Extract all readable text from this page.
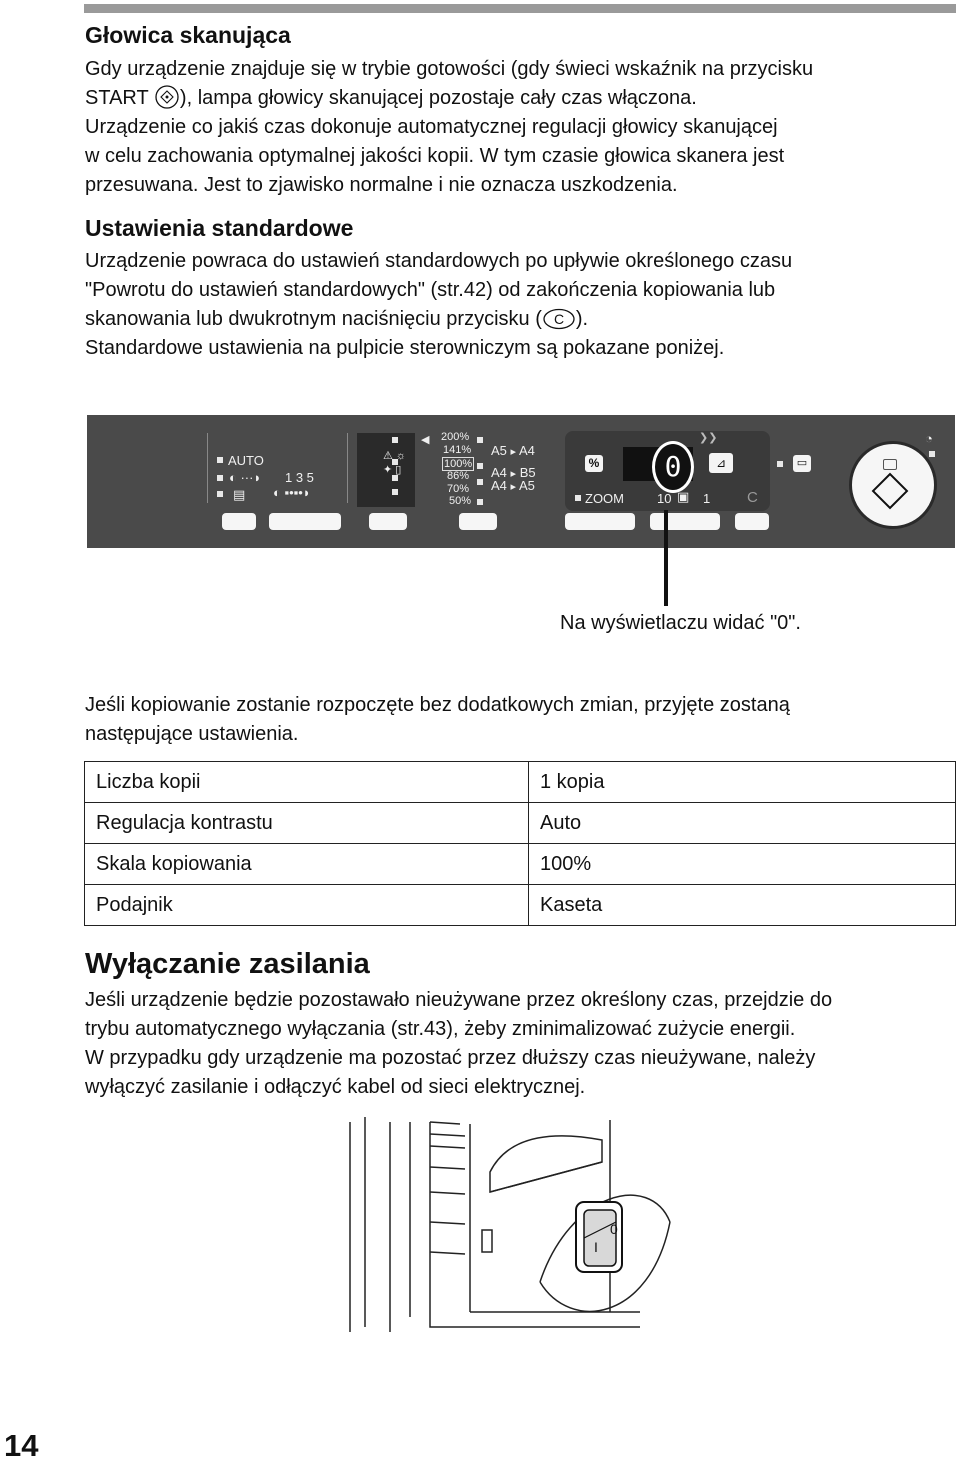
Głowica skanująca
Gdy urządzenie znajduje się w trybie gotowości (gdy świeci wskaźnik na przycisku
START ), lampa głowicy skanującej pozostaje cały czas włączona.
Urządzenie co jakiś czas dokonuje automatycznej regulacji głowicy skanującej
w celu zachowania optymalnej jakości kopii. W tym czasie głowica skanera jest
przesuwana. Jest to zjawisko normalne i nie oznacza uszkodzenia.
Ustawienia standardowe
Urządzenie powraca do ustawień standardowych po upływie określonego czasu
"Powrotu do ustawień standardowych" (str.42) od zakończenia kopiowania lub
skanowania lub dwukrotnym naciśnięciu przycisku ( C ).
Standardowe ustawienia na pulpicie sterowniczym są pokazane poniżej.
AUTO
◐ ···◗
▤
1 3 5
◐ ▪•▪•◗
◀
⚠ ☼
✦ ▯
200%
141%
100%
86%
70%
50%
A5 ▸ A4
A4 ▸ B5
A4 ▸ A5
%	0
❯❯
⊿
ZOOM	10 ▣ 1 C
▭
◔
Na wyświetlaczu widać "0".
Jeśli kopiowanie zostanie rozpoczęte bez dodatkowych zmian, przyjęte zostaną
następujące ustawienia.
Liczba kopii	1 kopia
Regulacja kontrastu	Auto
Skala kopiowania	100%
Podajnik	Kaseta
Wyłączanie zasilania
Jeśli urządzenie będzie pozostawało nieużywane przez określony czas, przejdzie do
trybu automatycznego wyłączania (str.43), żeby zminimalizować zużycie energii.
W przypadku gdy urządzenie ma pozostać przez dłuższy czas nieużywane, należy
wyłączyć zasilanie i odłączyć kabel od sieci elektrycznej.
0
I
14
